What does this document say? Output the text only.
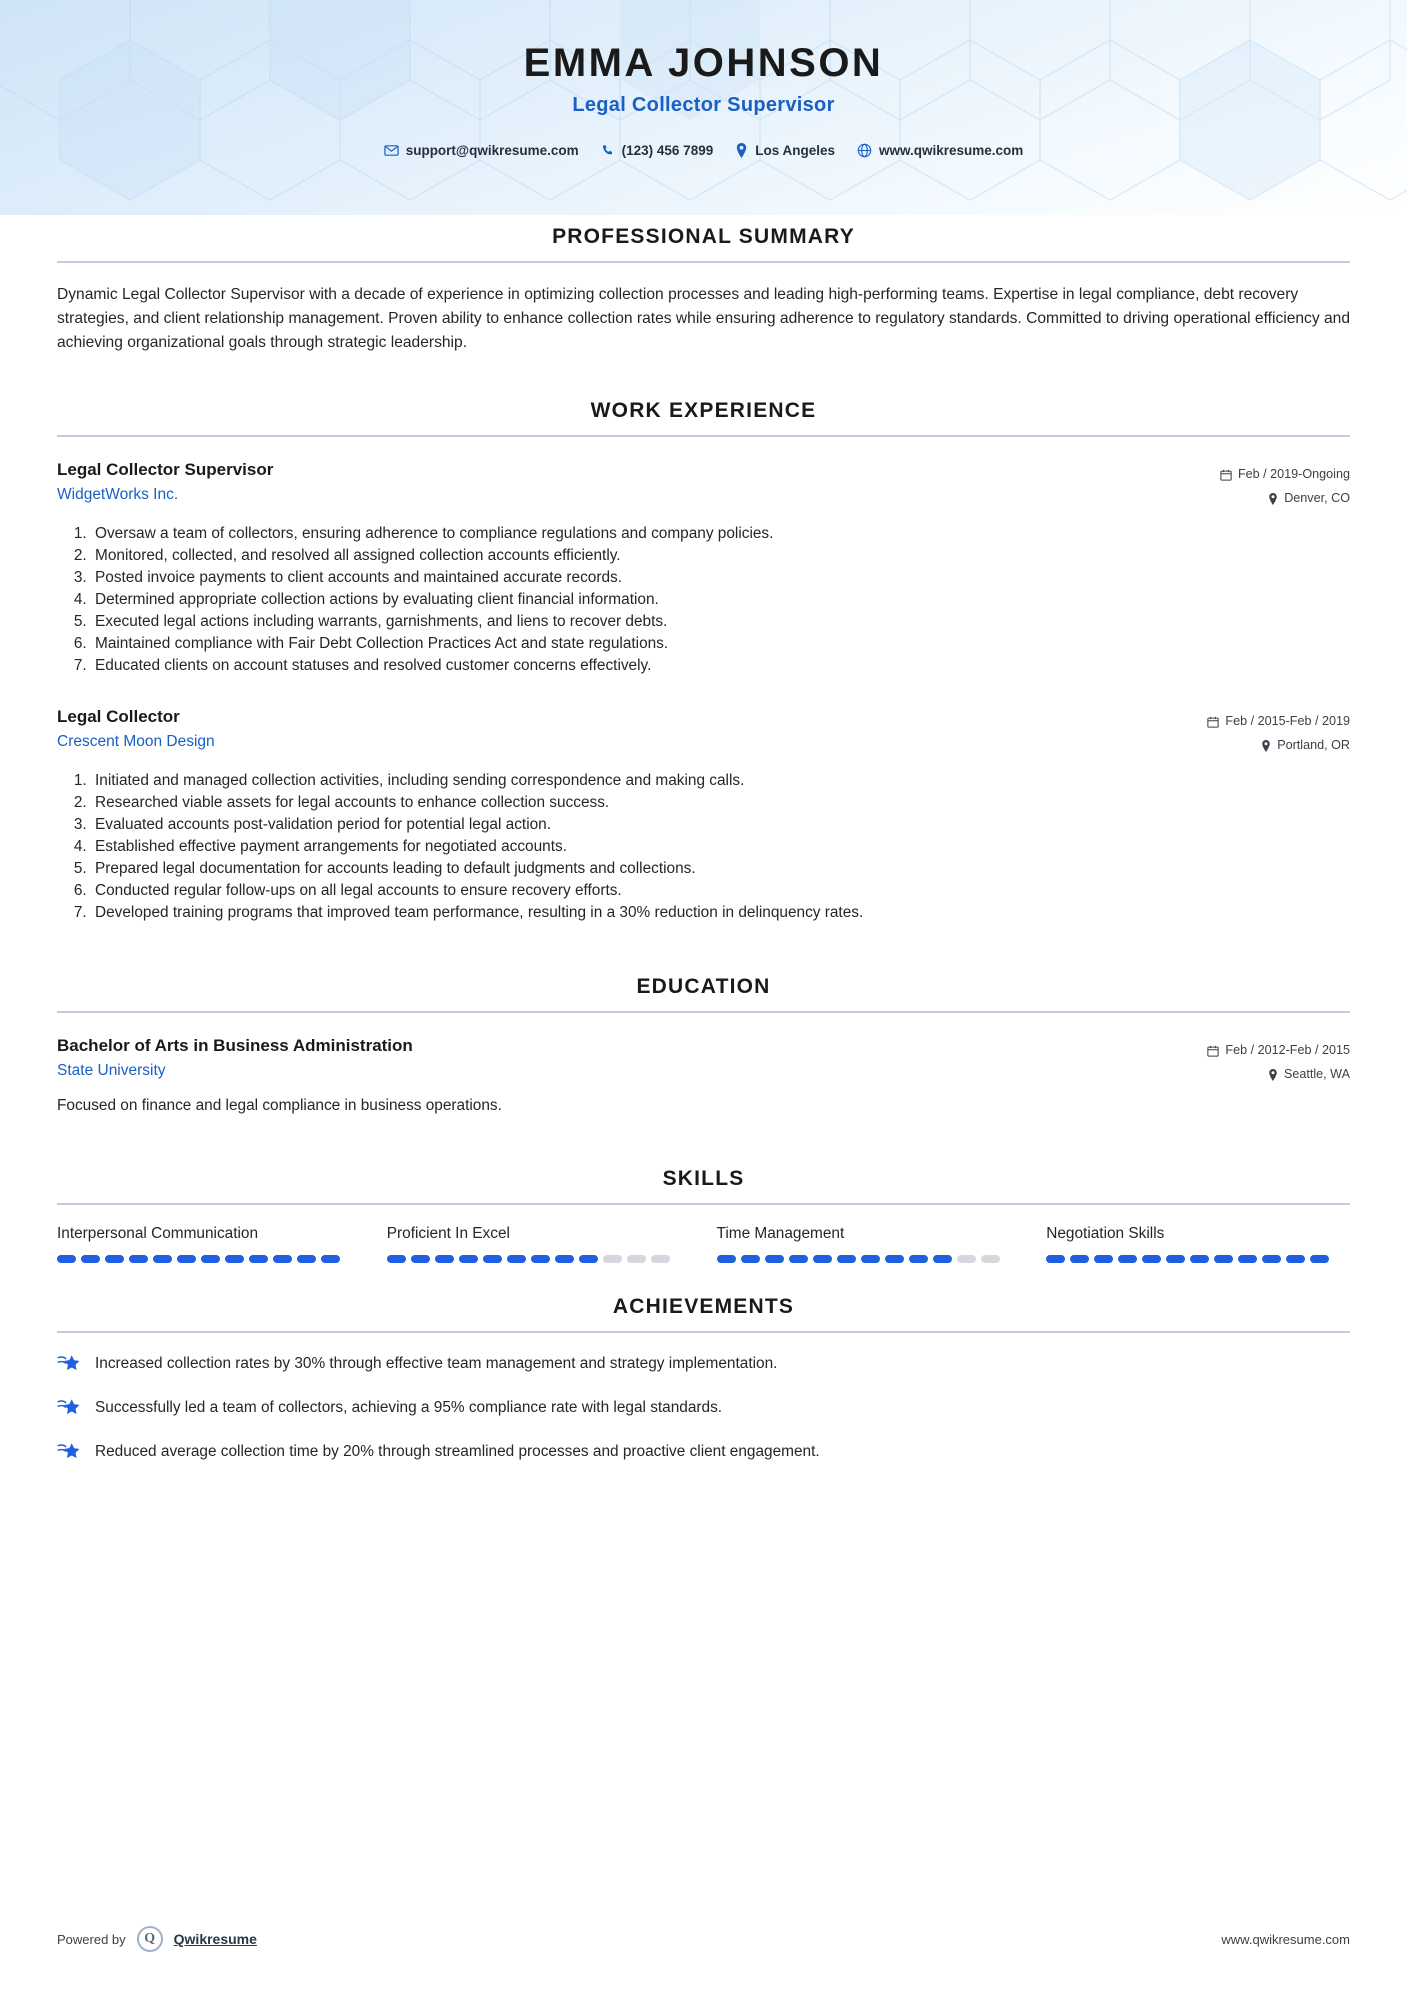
EMMA JOHNSON
Legal Collector Supervisor
support@qwikresume.com	(123) 456 7899	Los Angeles	www.qwikresume.com
PROFESSIONAL SUMMARY

Dynamic Legal Collector Supervisor with a decade of experience in optimizing collection processes and leading high-performing teams. Expertise in legal compliance, debt recovery strategies, and client relationship management. Proven ability to enhance collection rates while ensuring adherence to regulatory standards. Committed to driving operational efficiency and achieving organizational goals through strategic leadership.

WORK EXPERIENCE
Legal Collector Supervisor
WidgetWorks Inc.
Feb / 2019-Ongoing
Denver, CO
1. Oversaw a team of collectors, ensuring adherence to compliance regulations and company policies.
2. Monitored, collected, and resolved all assigned collection accounts efficiently.
3. Posted invoice payments to client accounts and maintained accurate records.
4. Determined appropriate collection actions by evaluating client financial information.
5. Executed legal actions including warrants, garnishments, and liens to recover debts.
6. Maintained compliance with Fair Debt Collection Practices Act and state regulations.
7. Educated clients on account statuses and resolved customer concerns effectively.
Legal Collector
Crescent Moon Design
Feb / 2015-Feb / 2019
Portland, OR
1. Initiated and managed collection activities, including sending correspondence and making calls.
2. Researched viable assets for legal accounts to enhance collection success.
3. Evaluated accounts post-validation period for potential legal action.
4. Established effective payment arrangements for negotiated accounts.
5. Prepared legal documentation for accounts leading to default judgments and collections.
6. Conducted regular follow-ups on all legal accounts to ensure recovery efforts.
7. Developed training programs that improved team performance, resulting in a 30% reduction in delinquency rates.
EDUCATION
Bachelor of Arts in Business Administration
State University
Feb / 2012-Feb / 2015
Seattle, WA
Focused on finance and legal compliance in business operations.
SKILLS
Interpersonal Communication	Proficient In Excel	Time Management	Negotiation Skills
ACHIEVEMENTS
Increased collection rates by 30% through effective team management and strategy implementation.
Successfully led a team of collectors, achieving a 95% compliance rate with legal standards.
Reduced average collection time by 20% through streamlined processes and proactive client engagement.
Powered by	Q	Qwikresume	www.qwikresume.com
